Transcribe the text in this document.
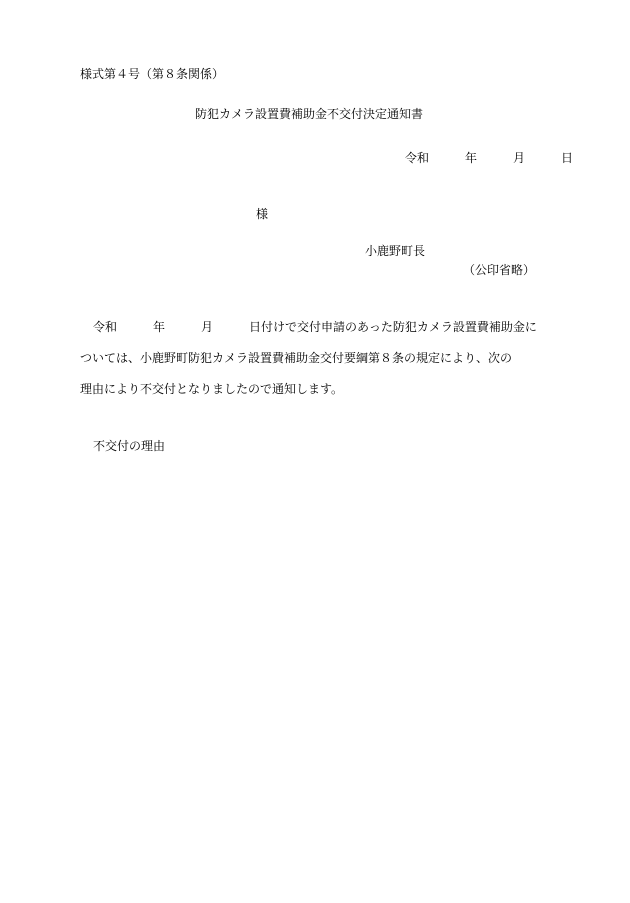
様式第４号（第８条関係）
防犯カメラ設置費補助金不交付決定通知書
令和　　　年　　　月　　　日
様
小鹿野町長
（公印省略）
令和　　　年　　　月　　　日付けで交付申請のあった防犯カメラ設置費補助金に
ついては、小鹿野町防犯カメラ設置費補助金交付要綱第８条の規定により、次の
理由により不交付となりましたので通知します。
不交付の理由
